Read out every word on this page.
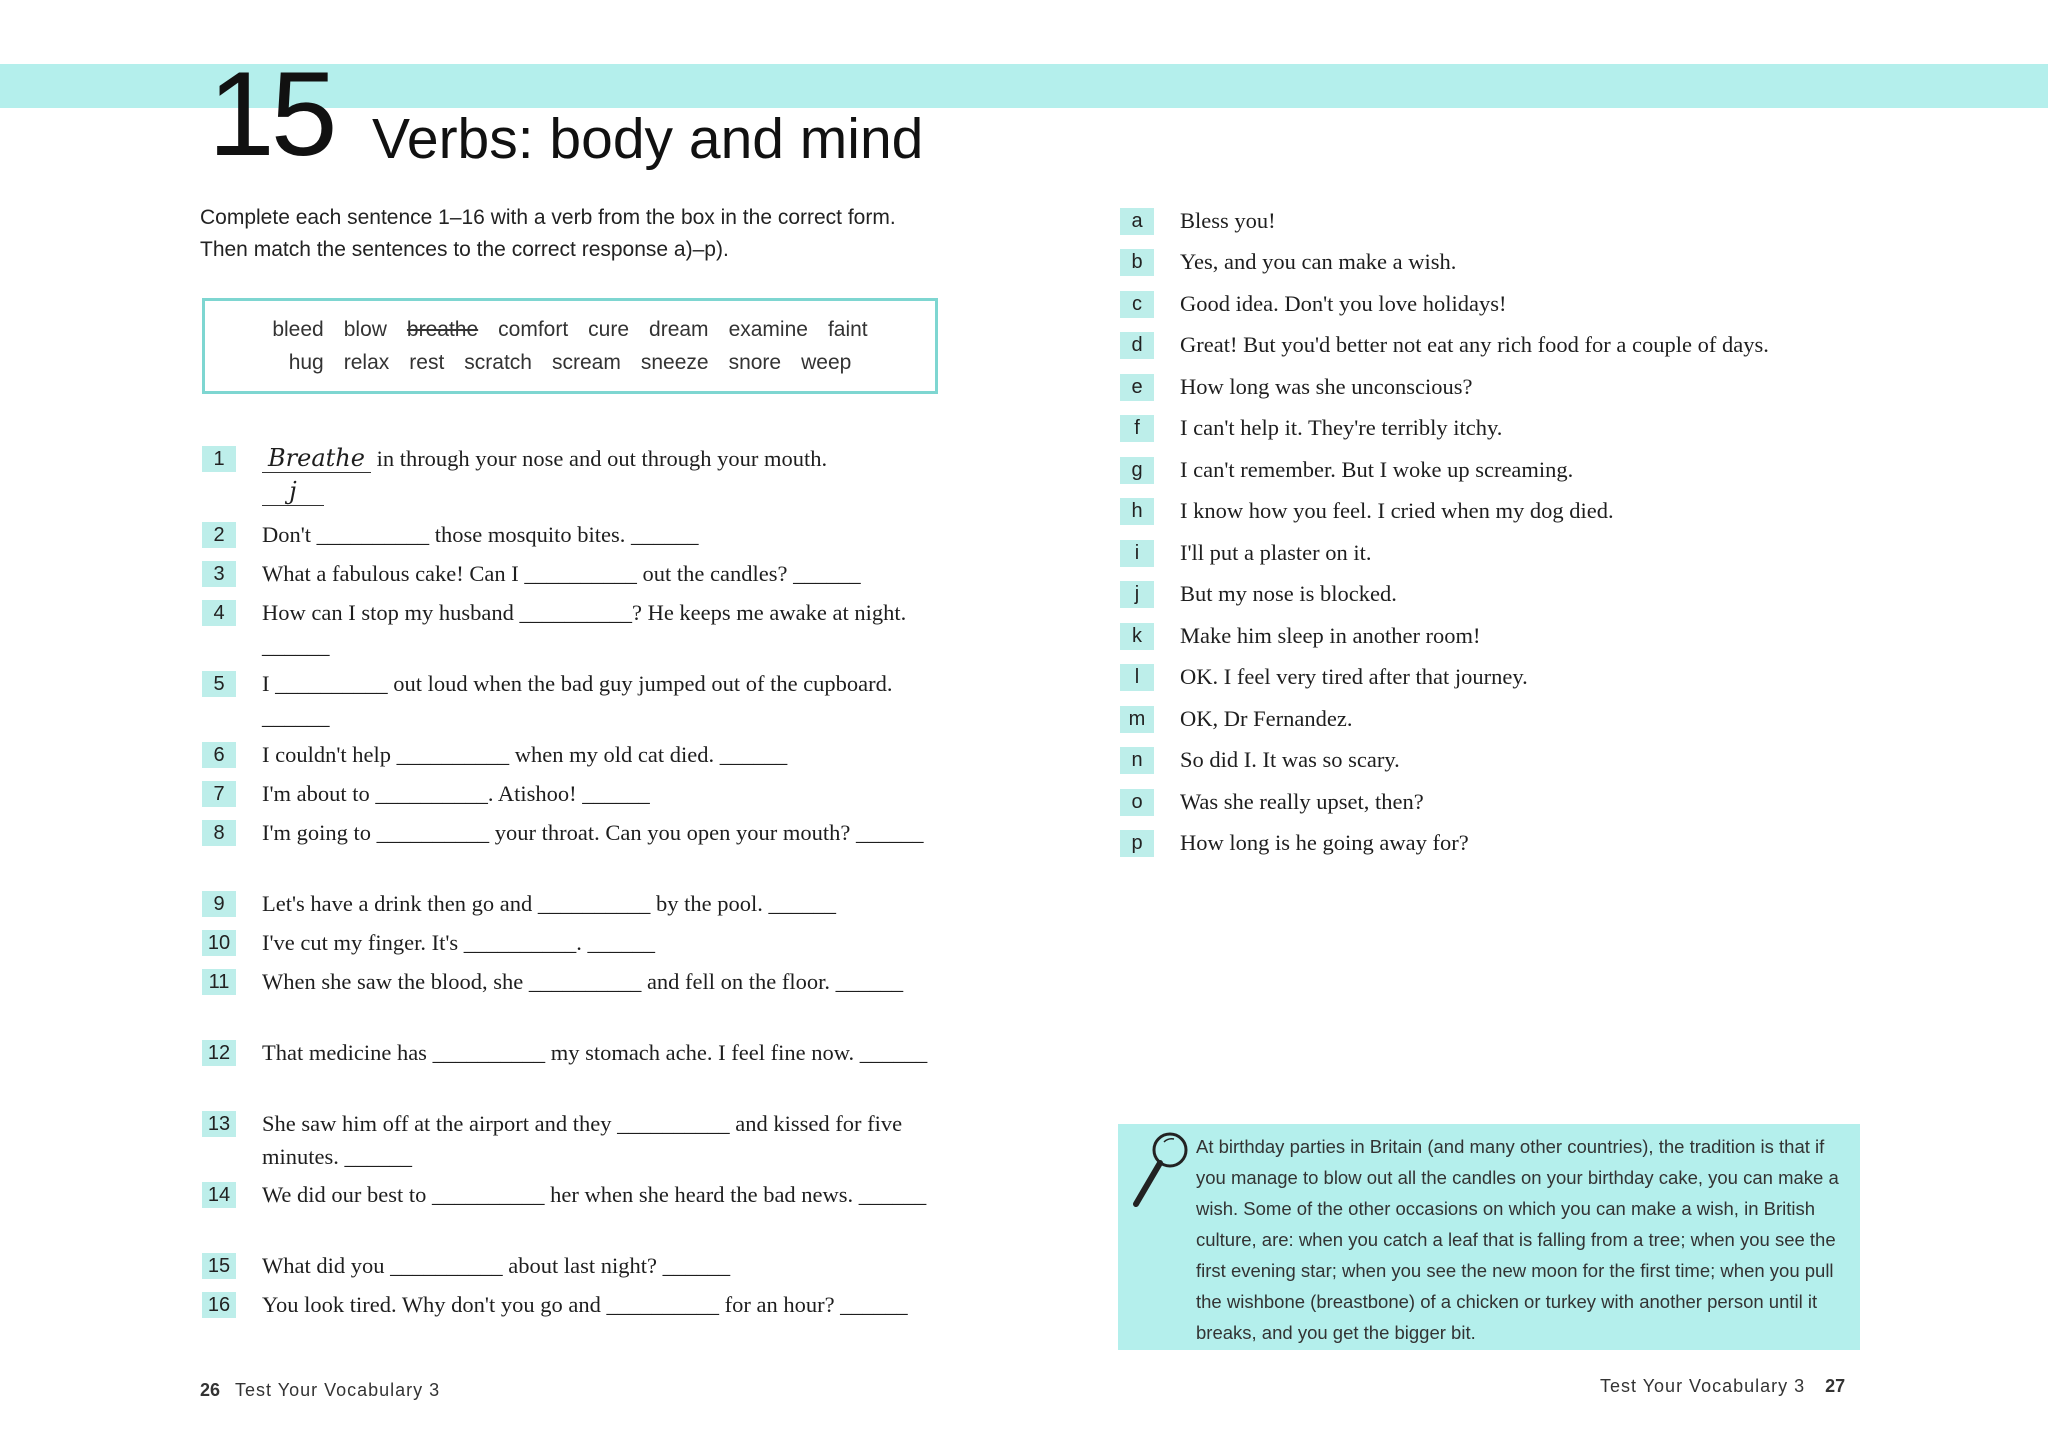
15 Verbs: body and mind
Complete each sentence 1–16 with a verb from the box in the correct form.
Then match the sentences to the correct response a)–p).
bleed blow breathe comfort cure dream examine faint
hug relax rest scratch scream sneeze snore weep
1	Breathe in through your nose and out through your mouth.
j
2	Don't __________ those mosquito bites. ______
3	What a fabulous cake! Can I __________ out the candles? ______
4	How can I stop my husband __________? He keeps me awake at night. ______
5	I __________ out loud when the bad guy jumped out of the cupboard. ______
6	I couldn't help __________ when my old cat died. ______
7	I'm about to __________. Atishoo! ______
8	I'm going to __________ your throat. Can you open your mouth? ______
9	Let's have a drink then go and __________ by the pool. ______
10 I've cut my finger. It's __________. ______
11 When she saw the blood, she __________ and fell on the floor. ______
12 That medicine has __________ my stomach ache. I feel fine now. ______
13 She saw him off at the airport and they __________ and kissed for five minutes. ______
14 We did our best to __________ her when she heard the bad news. ______
15 What did you __________ about last night? ______
16 You look tired. Why don't you go and __________ for an hour? ______
a	Bless you!
b	Yes, and you can make a wish.
c	Good idea. Don't you love holidays!
d	Great! But you'd better not eat any rich food for a couple of days.
e	How long was she unconscious?
f	I can't help it. They're terribly itchy.
g	I can't remember. But I woke up screaming.
h	I know how you feel. I cried when my dog died.
i	I'll put a plaster on it.
j	But my nose is blocked.
k	Make him sleep in another room!
l	OK. I feel very tired after that journey.
m	OK, Dr Fernandez.
n	So did I. It was so scary.
o	Was she really upset, then?
p	How long is he going away for?
At birthday parties in Britain (and many other countries), the tradition is that if you manage to blow out all the candles on your birthday cake, you can make a wish. Some of the other occasions on which you can make a wish, in British culture, are: when you catch a leaf that is falling from a tree; when you see the first evening star; when you see the new moon for the first time; when you pull the wishbone (breastbone) of a chicken or turkey with another person until it breaks, and you get the bigger bit.
26 Test Your Vocabulary 3	Test Your Vocabulary 3 27
